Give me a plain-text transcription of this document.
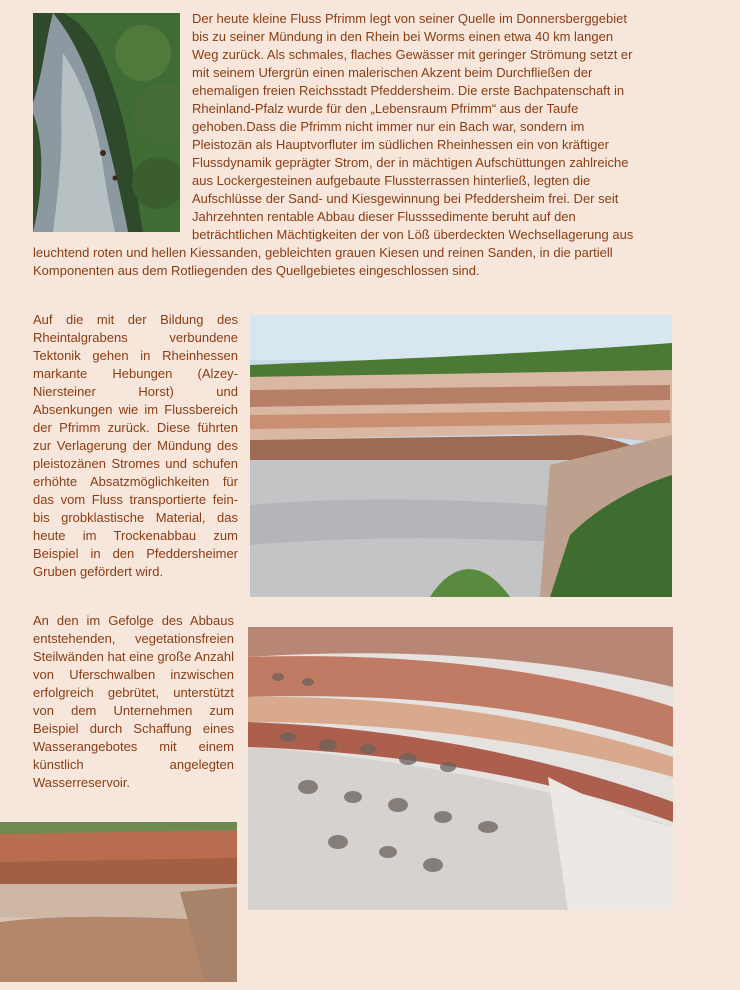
Der heute kleine Fluss Pfrimm legt von seiner Quelle im Donnersberggebiet bis zu seiner Mündung in den Rhein bei Worms einen etwa 40 km langen Weg zurück. Als schmales, flaches Gewässer mit geringer Strömung setzt er mit seinem Ufergrün einen malerischen Akzent beim Durchfließen der ehemaligen freien Reichsstadt Pfeddersheim. Die erste Bachpatenschaft in Rheinland-Pfalz wurde für den „Lebensraum Pfrimm“ aus der Taufe gehoben.Dass die Pfrimm nicht immer nur ein Bach war, sondern im Pleistozän als Hauptvorfluter im südlichen Rheinhessen ein von kräftiger Flussdynamik geprägter Strom, der in mächtigen Aufschüttungen zahlreiche aus Lockergesteinen aufgebaute Flussterrassen hinterließ, legten die Aufschlüsse der Sand- und Kiesgewinnung bei Pfeddersheim frei. Der seit Jahrzehnten rentable Abbau dieser Flusssedimente beruht auf den beträchtlichen Mächtigkeiten der von Löß überdeckten Wechsellagerung aus leuchtend roten und hellen Kiessanden, gebleichten grauen Kiesen und reinen Sanden, in die partiell Komponenten aus dem Rotliegenden des Quellgebietes eingeschlossen sind.

Auf die mit der Bildung des Rheintalgrabens verbundene Tektonik gehen in Rheinhessen markante Hebungen (Alzey-Niersteiner Horst) und Absenkungen wie im Flussbereich der Pfrimm zurück. Diese führten zur Verlagerung der Mündung des pleistozänen Stromes und schufen erhöhte Absatzmöglichkeiten für das vom Fluss transportierte fein- bis grobklastische Material, das heute im Trockenabbau zum Beispiel in den Pfeddersheimer Gruben gefördert wird.

An den im Gefolge des Abbaus entstehenden, vegetationsfreien Steilwänden hat eine große Anzahl von Uferschwalben inzwischen erfolgreich gebrütet, unterstützt von dem Unternehmen zum Beispiel durch Schaffung eines Wasserangebotes mit einem künstlich angelegten Wasserreservoir.
